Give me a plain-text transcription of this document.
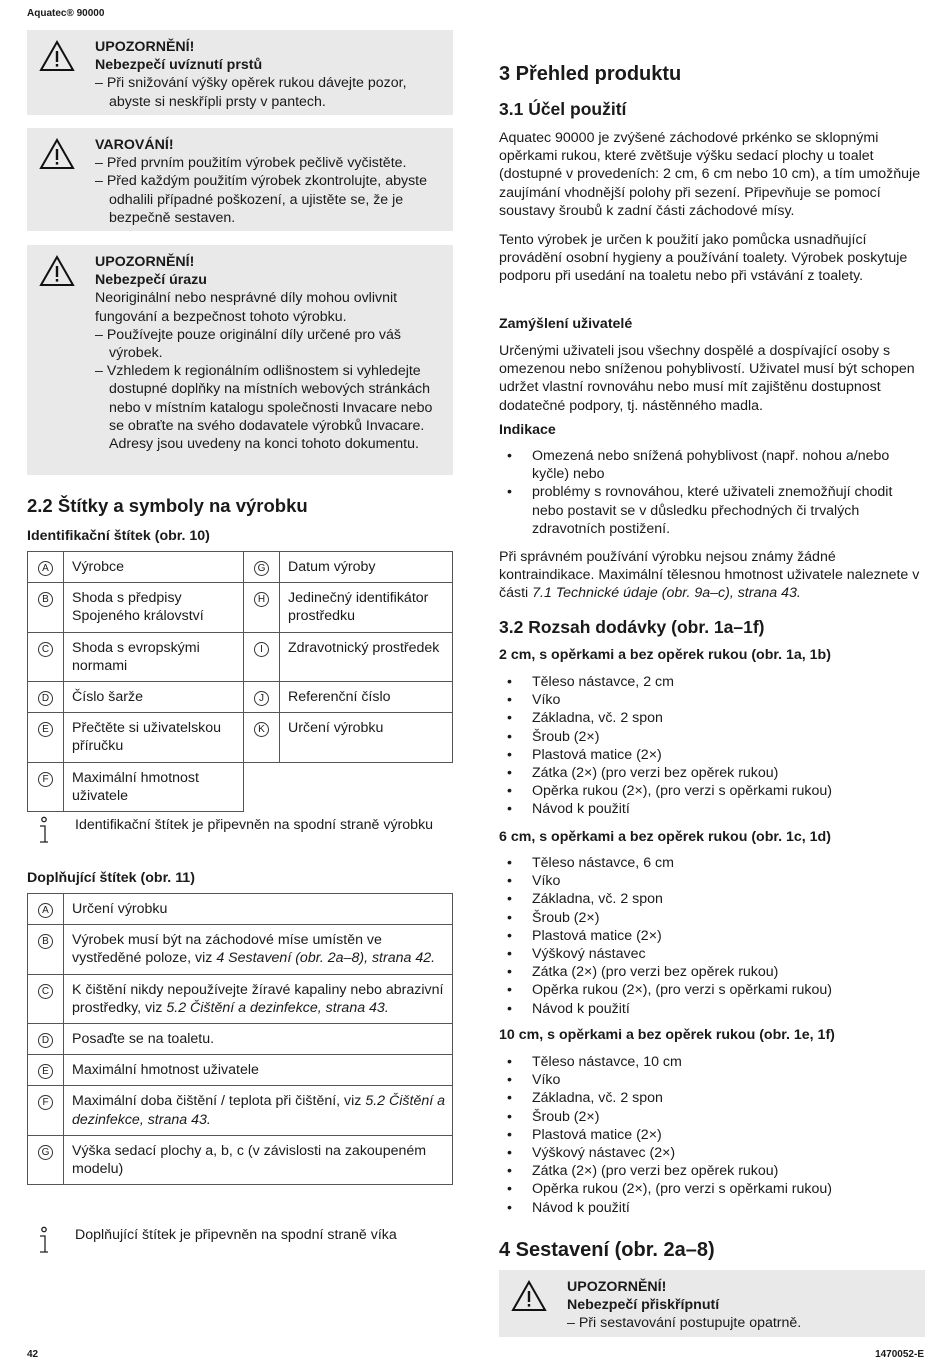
Aquatec® 90000
UPOZORNĚNÍ!
Nebezpečí uvíznutí prstů
– Při snižování výšky opěrek rukou dávejte pozor, abyste si neskřípli prsty v pantech.
VAROVÁNÍ!
– Před prvním použitím výrobek pečlivě vyčistěte.
– Před každým použitím výrobek zkontrolujte, abyste odhalili případné poškození, a ujistěte se, že je bezpečně sestaven.
UPOZORNĚNÍ!
Nebezpečí úrazu
Neoriginální nebo nesprávné díly mohou ovlivnit fungování a bezpečnost tohoto výrobku.
– Používejte pouze originální díly určené pro váš výrobek.
– Vzhledem k regionálním odlišnostem si vyhledejte dostupné doplňky na místních webových stránkách nebo v místním katalogu společnosti Invacare nebo se obraťte na svého dodavatele výrobků Invacare. Adresy jsou uvedeny na konci tohoto dokumentu.
2.2 Štítky a symboly na výrobku
Identifikační štítek (obr. 10)
A	Výrobce	G	Datum výroby
B	Shoda s předpisy Spojeného království	H	Jedinečný identifikátor prostředku
C	Shoda s evropskými normami	I	Zdravotnický prostředek
D	Číslo šarže	J	Referenční číslo
E	Přečtěte si uživatelskou příručku	K	Určení výrobku
F	Maximální hmotnost uživatele		
Identifikační štítek je připevněn na spodní straně výrobku
Doplňující štítek (obr. 11)
A	Určení výrobku
B	Výrobek musí být na záchodové míse umístěn ve vystředěné poloze, viz 4 Sestavení (obr. 2a–8), strana 42.
C	K čištění nikdy nepoužívejte žíravé kapaliny nebo abrazivní prostředky, viz 5.2 Čištění a dezinfekce, strana 43.
D	Posaďte se na toaletu.
E	Maximální hmotnost uživatele
F	Maximální doba čištění / teplota při čištění, viz 5.2 Čištění a dezinfekce, strana 43.
G	Výška sedací plochy a, b, c (v závislosti na zakoupeném modelu)
Doplňující štítek je připevněn na spodní straně víka
3 Přehled produktu
3.1 Účel použití
Aquatec 90000 je zvýšené záchodové prkénko se sklopnými opěrkami rukou, které zvětšuje výšku sedací plochy u toalet (dostupné v provedeních: 2 cm, 6 cm nebo 10 cm), a tím umožňuje zaujímání vhodnější polohy při sezení. Připevňuje se pomocí soustavy šroubů k zadní části záchodové mísy.
Tento výrobek je určen k použití jako pomůcka usnadňující provádění osobní hygieny a používání toalety. Výrobek poskytuje podporu při usedání na toaletu nebo při vstávání z toalety.
Zamýšlení uživatelé
Určenými uživateli jsou všechny dospělé a dospívající osoby s omezenou nebo sníženou pohyblivostí. Uživatel musí být schopen udržet vlastní rovnováhu nebo musí mít zajištěnu dostupnost dodatečné podpory, tj. nástěnného madla.
Indikace
• Omezená nebo snížená pohyblivost (např. nohou a/nebo kyčle) nebo
• problémy s rovnováhou, které uživateli znemožňují chodit nebo postavit se v důsledku přechodných či trvalých zdravotních postižení.
Při správném používání výrobku nejsou známy žádné kontraindikace. Maximální tělesnou hmotnost uživatele naleznete v části 7.1 Technické údaje (obr. 9a–c), strana 43.
3.2 Rozsah dodávky (obr. 1a–1f)
2 cm, s opěrkami a bez opěrek rukou (obr. 1a, 1b)
• Těleso nástavce, 2 cm
• Víko
• Základna, vč. 2 spon
• Šroub (2×)
• Plastová matice (2×)
• Zátka (2×) (pro verzi bez opěrek rukou)
• Opěrka rukou (2×), (pro verzi s opěrkami rukou)
• Návod k použití
6 cm, s opěrkami a bez opěrek rukou (obr. 1c, 1d)
• Těleso nástavce, 6 cm
• Víko
• Základna, vč. 2 spon
• Šroub (2×)
• Plastová matice (2×)
• Výškový nástavec
• Zátka (2×) (pro verzi bez opěrek rukou)
• Opěrka rukou (2×), (pro verzi s opěrkami rukou)
• Návod k použití
10 cm, s opěrkami a bez opěrek rukou (obr. 1e, 1f)
• Těleso nástavce, 10 cm
• Víko
• Základna, vč. 2 spon
• Šroub (2×)
• Plastová matice (2×)
• Výškový nástavec (2×)
• Zátka (2×) (pro verzi bez opěrek rukou)
• Opěrka rukou (2×), (pro verzi s opěrkami rukou)
• Návod k použití
4 Sestavení (obr. 2a–8)
UPOZORNĚNÍ!
Nebezpečí přiskřípnutí
– Při sestavování postupujte opatrně.
42	1470052-E
